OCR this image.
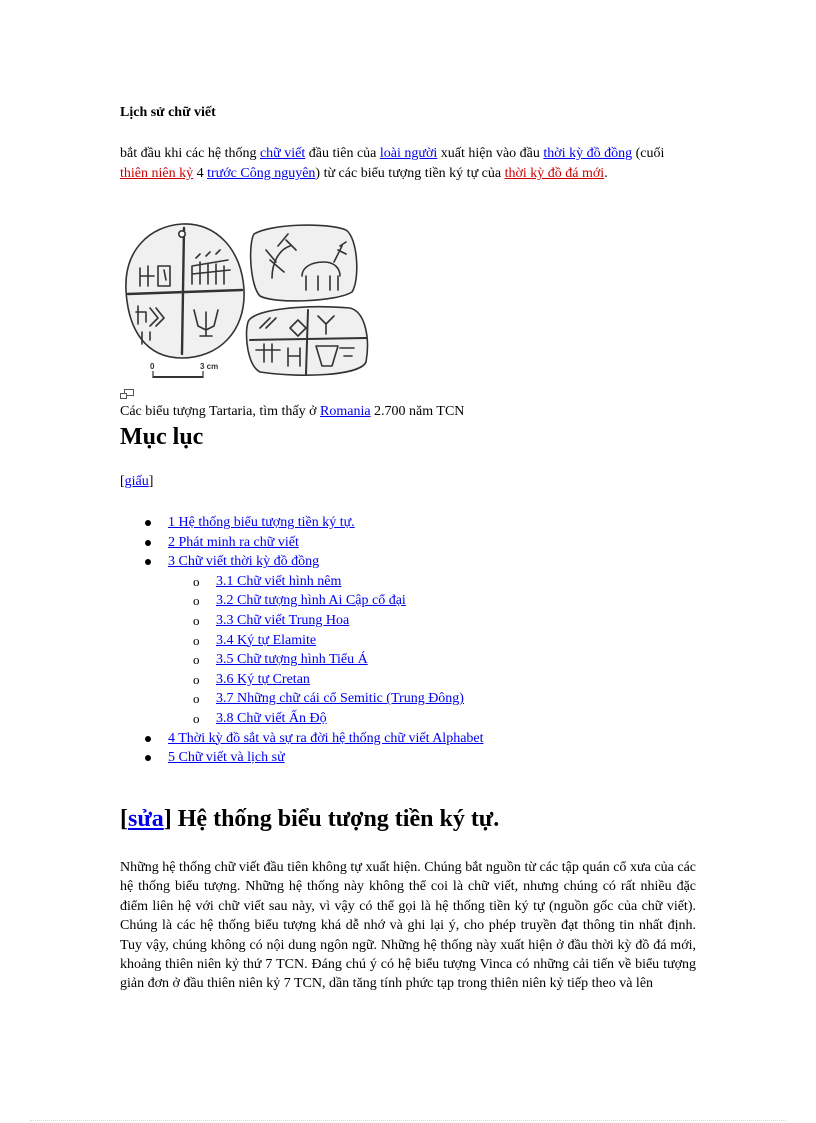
Lịch sử chữ viết
bắt đầu khi các hệ thống chữ viết đầu tiên của loài người xuất hiện vào đầu thời kỳ đồ đồng (cuối thiên niên kỷ 4 trước Công nguyên) từ các biểu tượng tiền ký tự của thời kỳ đồ đá mới.
0	3 cm
Các biểu tượng Tartaria, tìm thấy ở Romania 2.700 năm TCN
Mục lục
[giấu]
1 Hệ thống biểu tượng tiền ký tự.
2 Phát minh ra chữ viết
3 Chữ viết thời kỳ đồ đồng
o 3.1 Chữ viết hình nêm
o 3.2 Chữ tượng hình Ai Cập cổ đại
o 3.3 Chữ viết Trung Hoa
o 3.4 Ký tự Elamite
o 3.5 Chữ tượng hình Tiểu Á
o 3.6 Ký tự Cretan
o 3.7 Những chữ cái cổ Semitic (Trung Đông)
o 3.8 Chữ viết Ấn Độ
4 Thời kỳ đồ sắt và sự ra đời hệ thống chữ viết Alphabet
5 Chữ viết và lịch sử
[sửa] Hệ thống biểu tượng tiền ký tự.
Những hệ thống chữ viết đầu tiên không tự xuất hiện. Chúng bắt nguồn từ các tập quán cổ xưa của các hệ thống biểu tượng. Những hệ thống này không thể coi là chữ viết, nhưng chúng có rất nhiều đặc điểm liên hệ với chữ viết sau này, vì vậy có thể gọi là hệ thống tiền ký tự (nguồn gốc của chữ viết). Chúng là các hệ thống biểu tượng khá dễ nhớ và ghi lại ý, cho phép truyền đạt thông tin nhất định. Tuy vậy, chúng không có nội dung ngôn ngữ. Những hệ thống này xuất hiện ở đầu thời kỳ đồ đá mới, khoảng thiên niên kỷ thứ 7 TCN. Đáng chú ý có hệ biểu tượng Vinca có những cải tiến về biểu tượng giản đơn ở đầu thiên niên kỷ 7 TCN, dần tăng tính phức tạp trong thiên niên kỷ tiếp theo và lên
